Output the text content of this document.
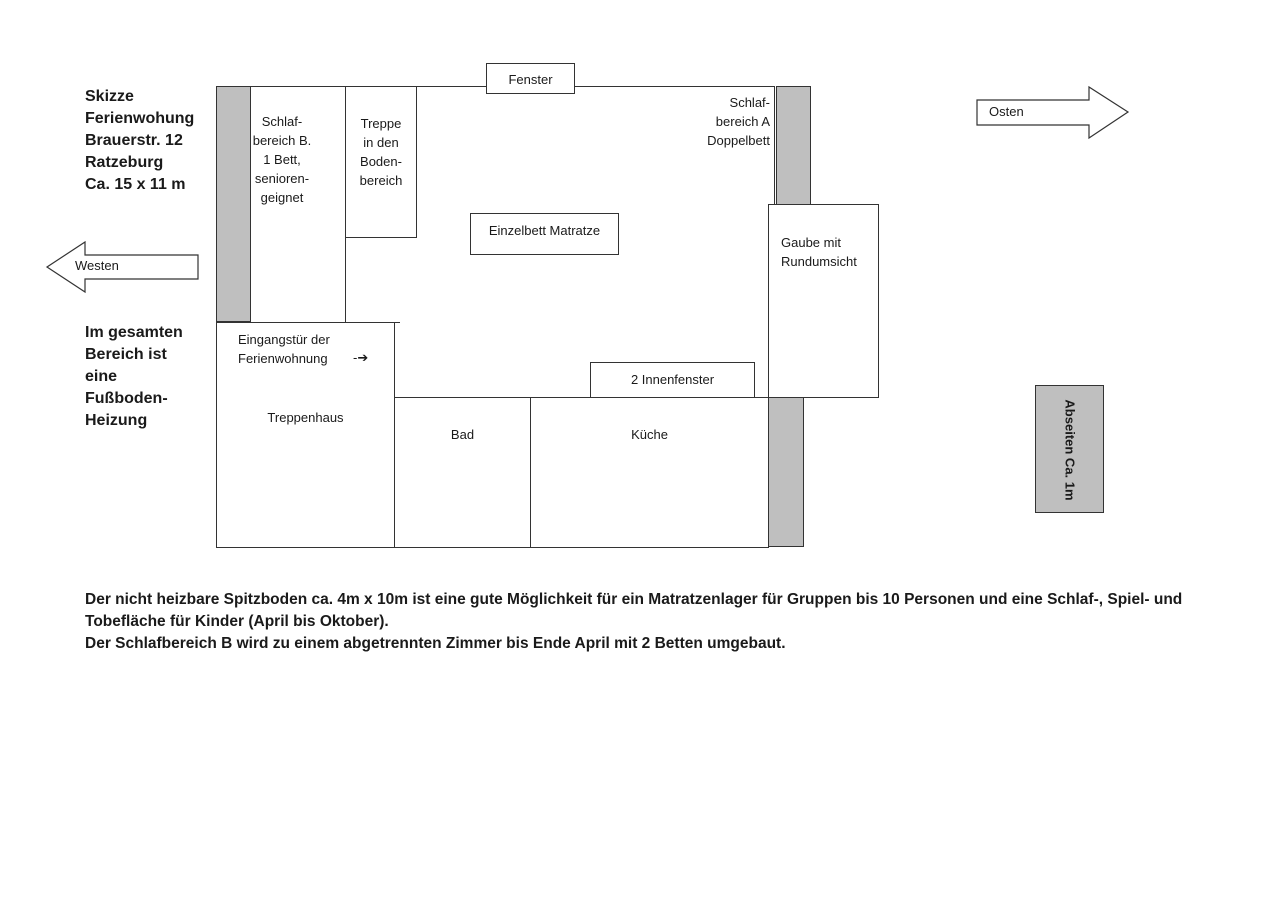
Skizze
Ferienwohung
Brauerstr. 12
Ratzeburg
Ca. 15 x 11 m
Im gesamten
Bereich ist
eine
Fußboden-
Heizung
Westen
Osten
Fenster
Schlaf-
bereich B.
1 Bett,
senioren-
geignet
Treppe
in den
Boden-
bereich
Schlaf-
bereich A
Doppelbett
Einzelbett Matratze
Gaube mit
Rundumsicht
Eingangstür der
Ferienwohnung -➔
Treppenhaus
2 Innenfenster
Bad	Küche	Abseiten Ca. 1m
Der nicht heizbare Spitzboden ca. 4m x 10m ist eine gute Möglichkeit für ein Matratzenlager für Gruppen bis 10 Personen und eine Schlaf-, Spiel- und
Tobefläche für Kinder (April bis Oktober).
Der Schlafbereich B wird zu einem abgetrennten Zimmer bis Ende April mit 2 Betten umgebaut.
